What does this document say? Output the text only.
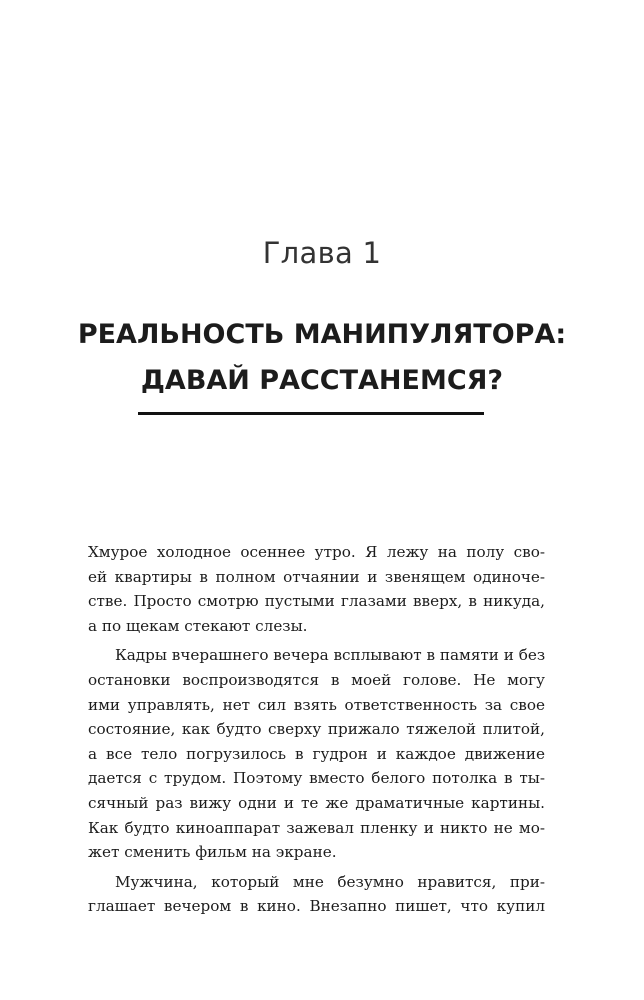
Глава 1
РЕАЛЬНОСТЬ МАНИПУЛЯТОРА:
ДАВАЙ РАССТАНЕМСЯ?
Хмурое холодное осеннее утро. Я лежу на полу сво-
ей квартиры в полном отчаянии и звенящем одиноче-
стве. Просто смотрю пустыми глазами вверх, в никуда,
а по щекам стекают слезы.
Кадры вчерашнего вечера всплывают в памяти и без
остановки воспроизводятся в моей голове. Не могу
ими управлять, нет сил взять ответственность за свое
состояние, как будто сверху прижало тяжелой плитой,
а все тело погрузилось в гудрон и каждое движение
дается с трудом. Поэтому вместо белого потолка в ты-
сячный раз вижу одни и те же драматичные картины.
Как будто киноаппарат зажевал пленку и никто не мо-
жет сменить фильм на экране.
Мужчина, который мне безумно нравится, при-
глашает вечером в кино. Внезапно пишет, что купил
